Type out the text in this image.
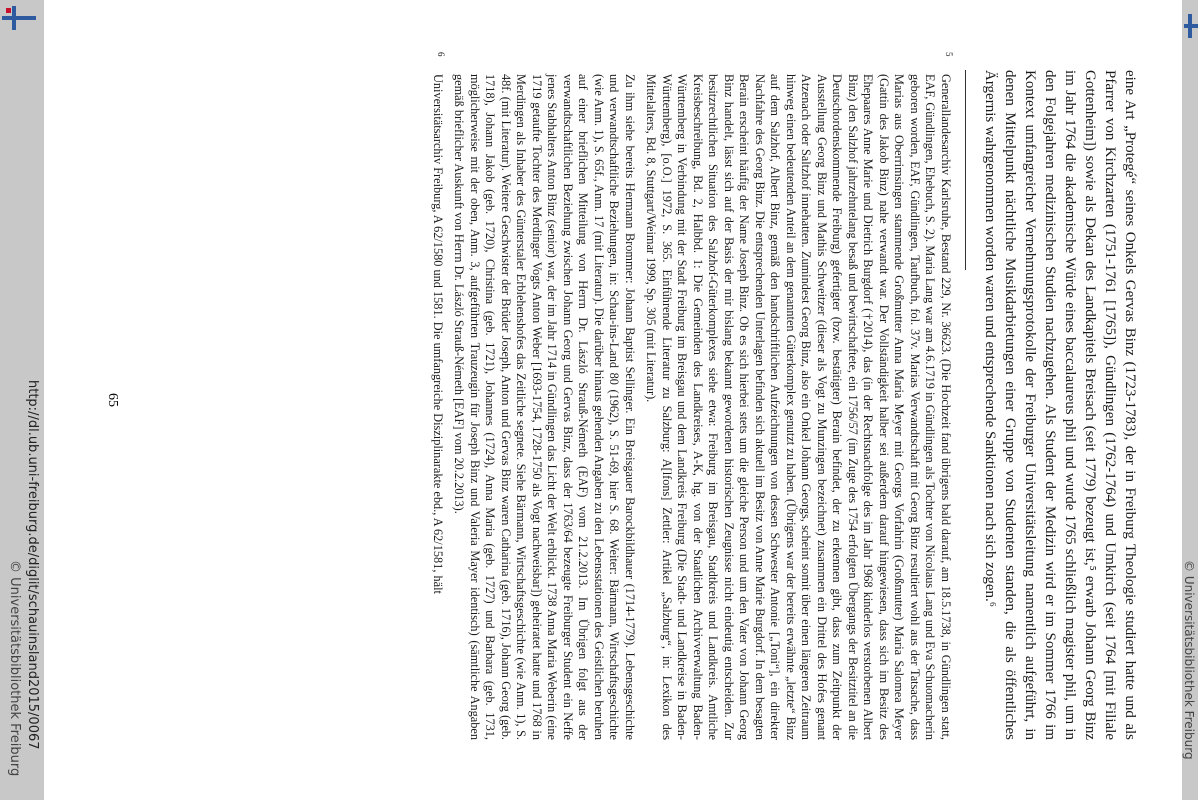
http://dl.ub.uni-freiburg.de/diglit/schauinsland2015/0067
© Universitätsbibliothek Freiburg	© Universitätsbibliothek Freiburg

eine Art „Protegé“ seines Onkels Gervas Binz (1723-1783), der in Freiburg Theologie studiert hatte und als Pfarrer von Kirchzarten (1751-1761 [1765]), Gündlingen (1762-1764) und Umkirch (seit 1764 [mit Filiale Gottenheim]) sowie als Dekan des Landkapitels Breisach (seit 1779) bezeugt ist,⁵ erwarb Johann Georg Binz im Jahr 1764 die akademische Würde eines baccalaureus phil und wurde 1765 schließlich magister phil, um in den Folgejahren medizinischen Studien nachzugehen. Als Student der Medizin wird er im Sommer 1766 im Kontext umfangreicher Vernehmungsprotokolle der Freiburger Universitätsleitung namentlich aufgeführt, in denen Mittelpunkt nächtliche Musikdarbietungen einer Gruppe von Studenten standen, die als öffentliches Ärgernis wahrgenommen worden waren und entsprechende Sanktionen nach sich zogen.⁶

5
Generallandesarchiv Karlsruhe, Bestand 229, Nr. 36623. (Die Hochzeit fand übrigens bald darauf, am 18.5.1738, in Gündlingen statt, EAF, Gündlingen, Ehebuch, S. 2). Maria Lang war am 4.6.1719 in Gündlingen als Tochter von Nicolaus Lang und Eva Schuomacherin geboren worden, EAF, Gündlingen, Taufbuch, fol. 37v. Marias Verwandtschaft mit Georg Binz resultiert wohl aus der Tatsache, dass Marias aus Oberrimsingen stammende Großmutter Anna Maria Meyer mit Georgs Vorfahrin (Großmutter) Maria Salomea Meyer (Gattin des Jakob Binz) nahe verwandt war. Der Vollständigkeit halber sei außerdem darauf hingewiesen, dass sich im Besitz des Ehepaares Anne Marie und Dietrich Burgdorf (†2014), das (in der Rechtsnachfolge des im Jahr 1968 kinderlos verstorbenen Albert Binz) den Salzhof jahrzehntelang besaß und bewirtschaftete, ein 1756/57 (im Zuge des 1754 erfolgten Übergangs der Besitztitel an die Deutschordenskommende Freiburg) gefertigter (bzw. bestätigter) Berain befindet, der zu erkennen gibt, dass zum Zeitpunkt der Ausstellung Georg Binz und Mathis Schweitzer (dieser als Vogt zu Munzingen bezeichnet) zusammen ein Drittel des Hofes genant Atzenach oder Saltzhof innehatten. Zumindest Georg Binz, also ein Onkel Johann Georgs, scheint somit über einen längeren Zeitraum hinweg einen bedeutenden Anteil an dem genannten Güterkomplex genutzt zu haben. (Übrigens war der bereits erwähnte „letzte“ Binz auf dem Salzhof, Albert Binz, gemäß den handschriftlichen Aufzeichnungen von dessen Schwester Antonie [„Toni“], ein direkter Nachfahre des Georg Binz. Die entsprechenden Unterlagen befinden sich aktuell im Besitz von Anne Marie Burgdorf. In dem besagten Berain erscheint häufig der Name Joseph Binz. Ob es sich hierbei stets um die gleiche Person und um den Vater von Johann Georg Binz handelt, lässt sich auf der Basis der mir bislang bekannt gewordenen historischen Zeugnisse nicht eindeutig entscheiden. Zur besitzrechtlichen Situation des Salzhof-Güterkomplexes siehe etwa: Freiburg im Breisgau, Stadtkreis und Landkreis. Amtliche Kreisbeschreibung, Bd. 2, Halbbd. 1: Die Gemeinden des Landkreises, A-K, hg. von der Staatlichen Archivverwaltung Baden-Württemberg in Verbindung mit der Stadt Freiburg im Breisgau und dem Landkreis Freiburg (Die Stadt- und Landkreise in Baden-Württemberg), [o.O.] 1972, S. 365. Einführende Literatur zu Salzburg: A[lfons] Zettler: Artikel „Salzburg“, in: Lexikon des Mittelalters, Bd. 8, Stuttgart/Weimar 1999, Sp. 305 (mit Literatur).

Zu ihm siehe bereits Hermann Brommer: Johann Baptist Sellinger. Ein Breisgauer Barockbildhauer (1714-1779). Lebensgeschichte und verwandtschaftliche Beziehungen, in: Schau-ins-Land 80 (1962), S. 51-69, hier S. 68. Weiter: Bärmann, Wirtschaftsgeschichte (wie Anm. 1), S. 65f., Anm. 17 (mit Literatur). Die darüber hinaus gehenden Angaben zu den Lebensstationen des Geistlichen beruhen auf einer brieflichen Mitteilung von Herrn Dr. László Strauß-Németh (EAF) vom 21.2.2013. Im Übrigen folgt aus der verwandtschaftlichen Beziehung zwischen Johann Georg und Gervas Binz, dass der 1763/64 bezeugte Freiburger Student ein Neffe jenes Stabhalters Anton Binz (senior) war, der im Jahr 1714 in Gündlingen das Licht der Welt erblickt. 1738 Anna Maria Weberin (eine 1719 getaufte Tochter des Merdinger Vogts Anton Weber [1693-1754, 1728-1750 als Vogt nachweisbar]) geheiratet hatte und 1768 in Merdingen als Inhaber des Günterstaler Erblehenshofes das Zeitliche segnete. Siehe Bärmann, Wirtschaftsgeschichte (wie Anm. 1), S. 48f. (mit Literatur). Weitere Geschwister der Brüder Joseph, Anton und Gervas Binz waren Catharina (geb. 1716), Johann Georg (geb. 1718), Johann Jakob (geb. 1720), Christina (geb. 1721), Johannes (1724), Anna Maria (geb. 1727) und Barbara (geb. 1731, möglicherweise mit der oben, Anm. 3, aufgeführten Trauzeugin für Joseph Binz und Valeria Mayer identisch) (sämtliche Angaben gemäß brieflicher Auskunft von Herrn Dr. László Strauß-Németh [EAF] vom 20.2.2013).

6
Universitätsarchiv Freiburg, A 62/1580 und 1581. Die umfangreiche Disziplinarakte ebd., A 62/1581, hält

65
